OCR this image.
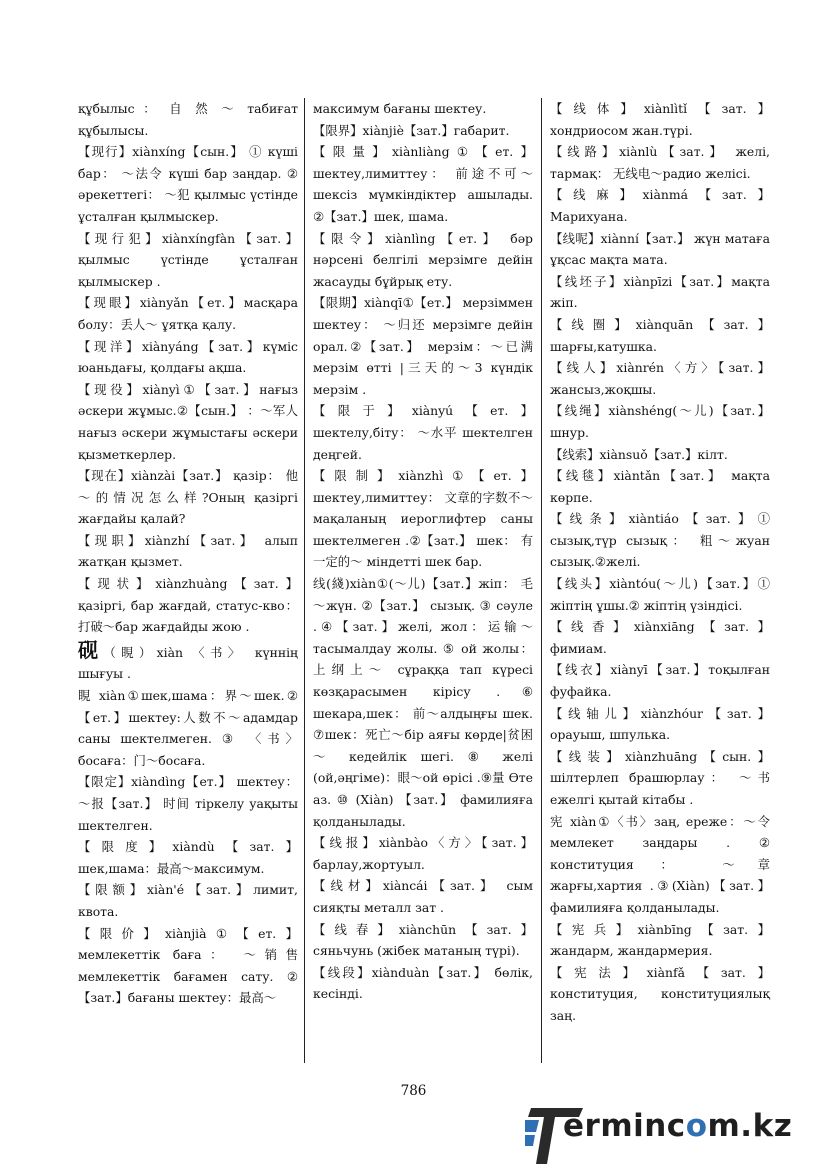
құбылыс ： 自 然 ～ табиғат құбылысы.

【现行】xiànxíng【сын.】 ① күші бар： ～法令 күші бар заңдар. ② әрекеттегі： ～犯 қылмыс үстінде ұсталған қылмыскер.

【现行犯】xiànxíngfàn【зат.】 қылмыс үстінде ұсталған қылмыскер .

【现眼】xiànyǎn【ет.】масқара болу：丢人～ ұятқа қалу.

【现洋】xiànyáng【зат.】күміс юаньдағы, қолдағы ақша.

【现役】xiànyì①【зат.】нағыз әскери жұмыс.②【сын.】 ：～军人 нағыз әскери жұмыстағы әскери қызметкерлер.

【现在】xiànzài【зат.】 қазір： 他～的情况怎么样?Оның қазіргі жағдайы қалай?

【现职】xiànzhí【зат.】 алып жатқан қызмет.

【现状】xiànzhuàng【зат.】 қазіргі, бар жағдай, статус-кво： 打破～бар жағдайды жою .

砚（睍）xiàn 〈书〉 күннің шығуы .

睍 xiàn①шек,шама：界～шек.②【ет.】шектеу:人数不～адамдар саны шектелмеген. ③ 〈书〉 босаға：门～босаға.

【限定】xiàndìng【ет.】 шектеу： ～报【зат.】 时间 тіркелу уақыты шектелген.

【限度】xiàndù【зат.】 шек,шама：最高～максимум.

【限额】xiàn'é【зат.】лимит, квота.

【限价】xiànjià①【ет.】 мемлекеттік баға： ～销售 мемлекеттік бағамен сату. ②【зат.】бағаны шектеу：最高～

максимум бағаны шектеу.

【限界】xiànjiè【зат.】габарит.

【限量】xiànliàng①【ет.】 шектеу,лимиттеу： 前途不可～ шексіз мүмкіндіктер ашылады. ②【зат.】шек, шама.

【限令】xiànlìng【ет.】 бәр нәрсені белгілі мерзімге дейін жасауды бұйрық ету.

【限期】xiànqī①【ет.】 мерзіммен шектеу： ～归还 мерзімге дейін орал.②【зат.】 мерзім：～已满 мерзім өтті |三天的～3 күндік мерзім .

【限于】xiànyú【ет.】 шектелу,біту： ～水平 шектелген деңгей.

【限制】xiànzhì①【ет.】 шектеу,лимиттеу： 文章的字数不～ мақаланың иероглифтер саны шектелмеген .②【зат.】 шек： 有一定的～ міндетті шек бар.

线(綫)xiàn①(～儿)【зат.】жіп： 毛～жүн. ②【зат.】 сызық. ③ сәуле .④【зат.】желі, жол：运输～ тасымалдау жолы. ⑤ ой жолы： 上纲上～ сұраққа тап күресі көзқарасымен кірісу .⑥ шекара,шек： 前～алдыңғы шек. ⑦шек：死亡～бір аяғы көрде|贫困～ кедейлік шегі. ⑧ желі (ой,әңгіме)：眼～ой өрісі .⑨量 Өте аз. ⑩ (Xiàn) 【зат.】 фамилияға қолданылады.

【线报】xiànbào〈方〉【зат.】 барлау,жортуыл.

【线材】xiàncái【зат.】 сым сияқты металл зат .

【线春】xiànchūn【зат.】 сяньчунь (жібек матаның түрі).

【线段】xiànduàn【зат.】 бөлік, кесінді.

【线体】xiànlìtǐ【зат.】 хондриосом жан.түрі.

【线路】xiànlù【зат.】 желі, тармақ： 无线电～радио желісі.

【线麻】xiànmá【зат.】 Марихуана.

【线呢】xiànní【зат.】 жүн матаға ұқсас мақта мата.

【线坯子】xiànpīzi【зат.】мақта жіп.

【线圈】xiànquān【зат.】 шарғы,катушка.

【线人】xiànrén〈方〉【зат.】 жансыз,жоқшы.

【线绳】xiànshéng(～儿)【зат.】 шнур.

【线索】xiànsuǒ【зат.】кілт.

【线毯】xiàntǎn【зат.】 мақта көрпе.

【线条】xiàntiáo【зат.】① сызық,түр сызық： 粗～жуан сызық.②желі.

【线头】xiàntóu(～儿)【зат.】① жіптің ұшы.② жіптің үзіндісі.

【线香】xiànxiāng【зат.】 фимиам.

【线衣】xiànyī【зат.】тоқылған фуфайка.

【线轴儿】xiànzhóur【зат.】 орауыш, шпулька.

【线装】xiànzhuāng【сын.】 шілтерлеп брашюрлау： ～书 ежелгі қытай кітабы .

宪 xiàn①〈书〉заң, ереже：～令 мемлекет заңдары . ② конституция ： ～章 жарғы,хартия .③(Xiàn)【зат.】 фамилияға қолданылады.

【宪兵】xiànbīng【зат.】 жандарм, жандармерия.

【宪法】xiànfǎ【зат.】 конституция, конституциялық заң.

786
ermincom.kz
